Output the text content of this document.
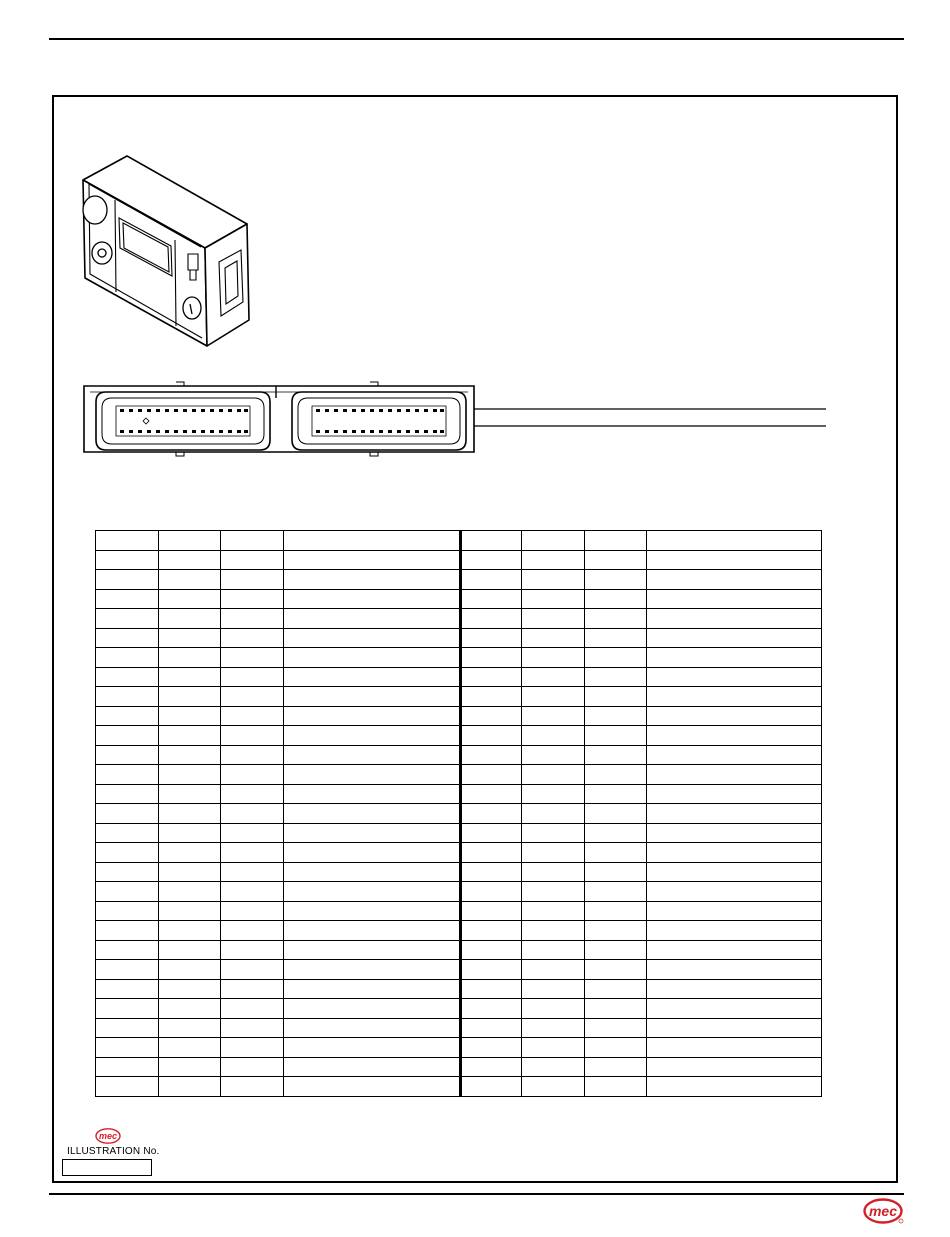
mec
ILLUSTRATION No.
mec
